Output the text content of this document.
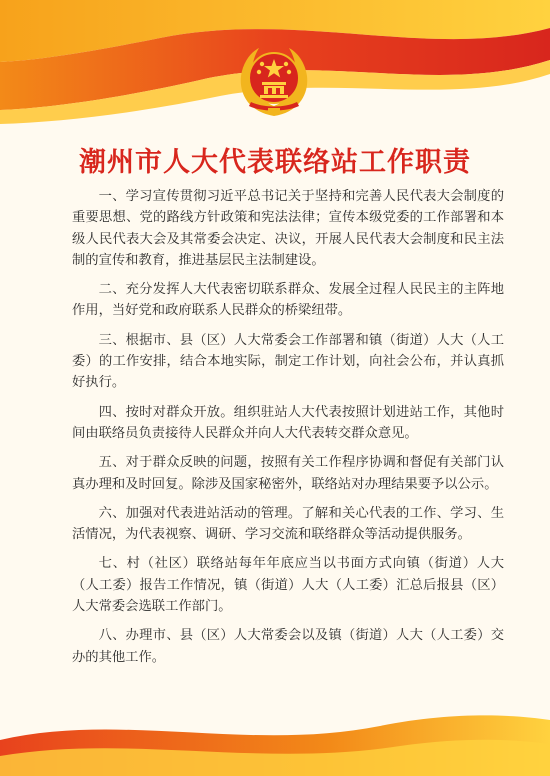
潮州市人大代表联络站工作职责

一、学习宣传贯彻习近平总书记关于坚持和完善人民代表大会制度的重要思想、党的路线方针政策和宪法法律；宣传本级党委的工作部署和本级人民代表大会及其常委会决定、决议，开展人民代表大会制度和民主法制的宣传和教育，推进基层民主法制建设。

二、充分发挥人大代表密切联系群众、发展全过程人民民主的主阵地作用，当好党和政府联系人民群众的桥梁纽带。

三、根据市、县（区）人大常委会工作部署和镇（街道）人大（人工委）的工作安排，结合本地实际，制定工作计划，向社会公布，并认真抓好执行。

四、按时对群众开放。组织驻站人大代表按照计划进站工作，其他时间由联络员负责接待人民群众并向人大代表转交群众意见。

五、对于群众反映的问题，按照有关工作程序协调和督促有关部门认真办理和及时回复。除涉及国家秘密外，联络站对办理结果要予以公示。

六、加强对代表进站活动的管理。了解和关心代表的工作、学习、生活情况，为代表视察、调研、学习交流和联络群众等活动提供服务。

七、村（社区）联络站每年年底应当以书面方式向镇（街道）人大（人工委）报告工作情况，镇（街道）人大（人工委）汇总后报县（区）人大常委会选联工作部门。

八、办理市、县（区）人大常委会以及镇（街道）人大（人工委）交办的其他工作。
